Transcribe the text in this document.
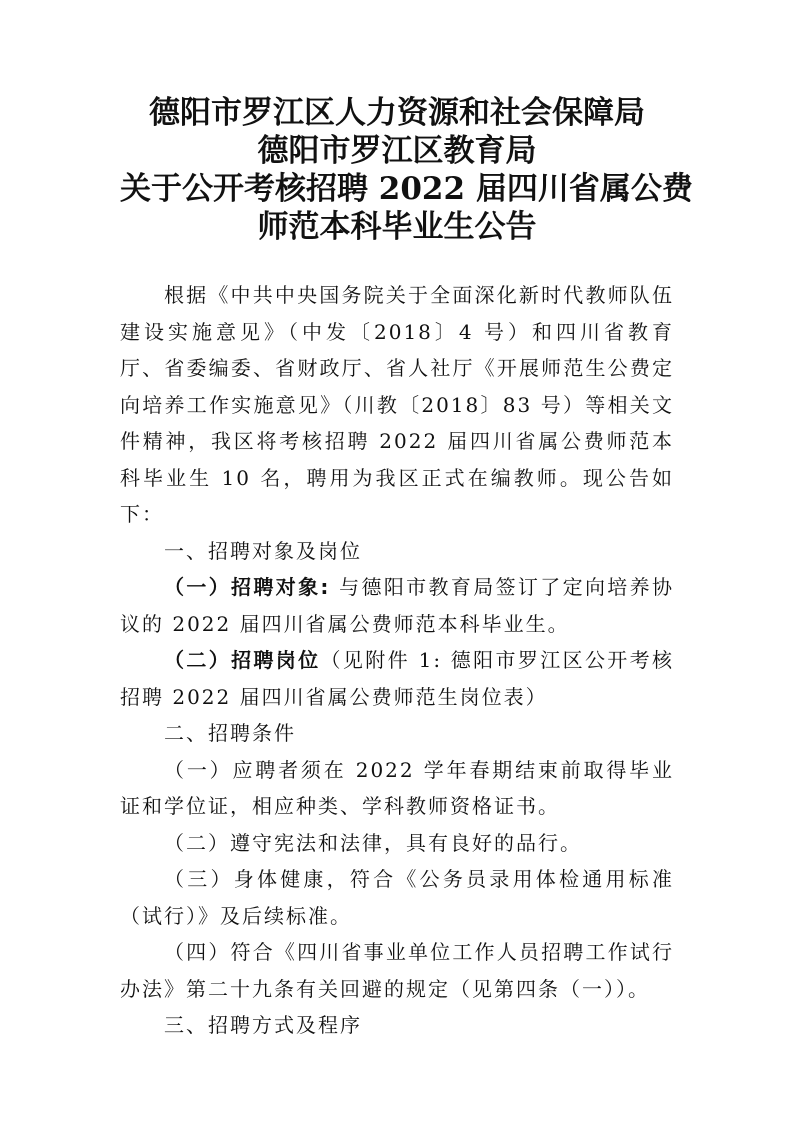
德阳市罗江区人力资源和社会保障局
德阳市罗江区教育局
关于公开考核招聘 2022 届四川省属公费
师范本科毕业生公告

根据《中共中央国务院关于全面深化新时代教师队伍建设实施意见》（中发〔2018〕4 号）和四川省教育厅、省委编委、省财政厅、省人社厅《开展师范生公费定向培养工作实施意见》（川教〔2018〕83 号）等相关文件精神，我区将考核招聘 2022 届四川省属公费师范本科毕业生 10 名，聘用为我区正式在编教师。现公告如下：

一、招聘对象及岗位

（一）招聘对象: 与德阳市教育局签订了定向培养协议的 2022 届四川省属公费师范本科毕业生。

（二）招聘岗位（见附件 1: 德阳市罗江区公开考核招聘 2022 届四川省属公费师范生岗位表）

二、招聘条件

（一）应聘者须在 2022 学年春期结束前取得毕业证和学位证，相应种类、学科教师资格证书。

（二）遵守宪法和法律，具有良好的品行。

（三）身体健康，符合《公务员录用体检通用标准（试行）》及后续标准。

（四）符合《四川省事业单位工作人员招聘工作试行办法》第二十九条有关回避的规定（见第四条（一））。

三、招聘方式及程序
